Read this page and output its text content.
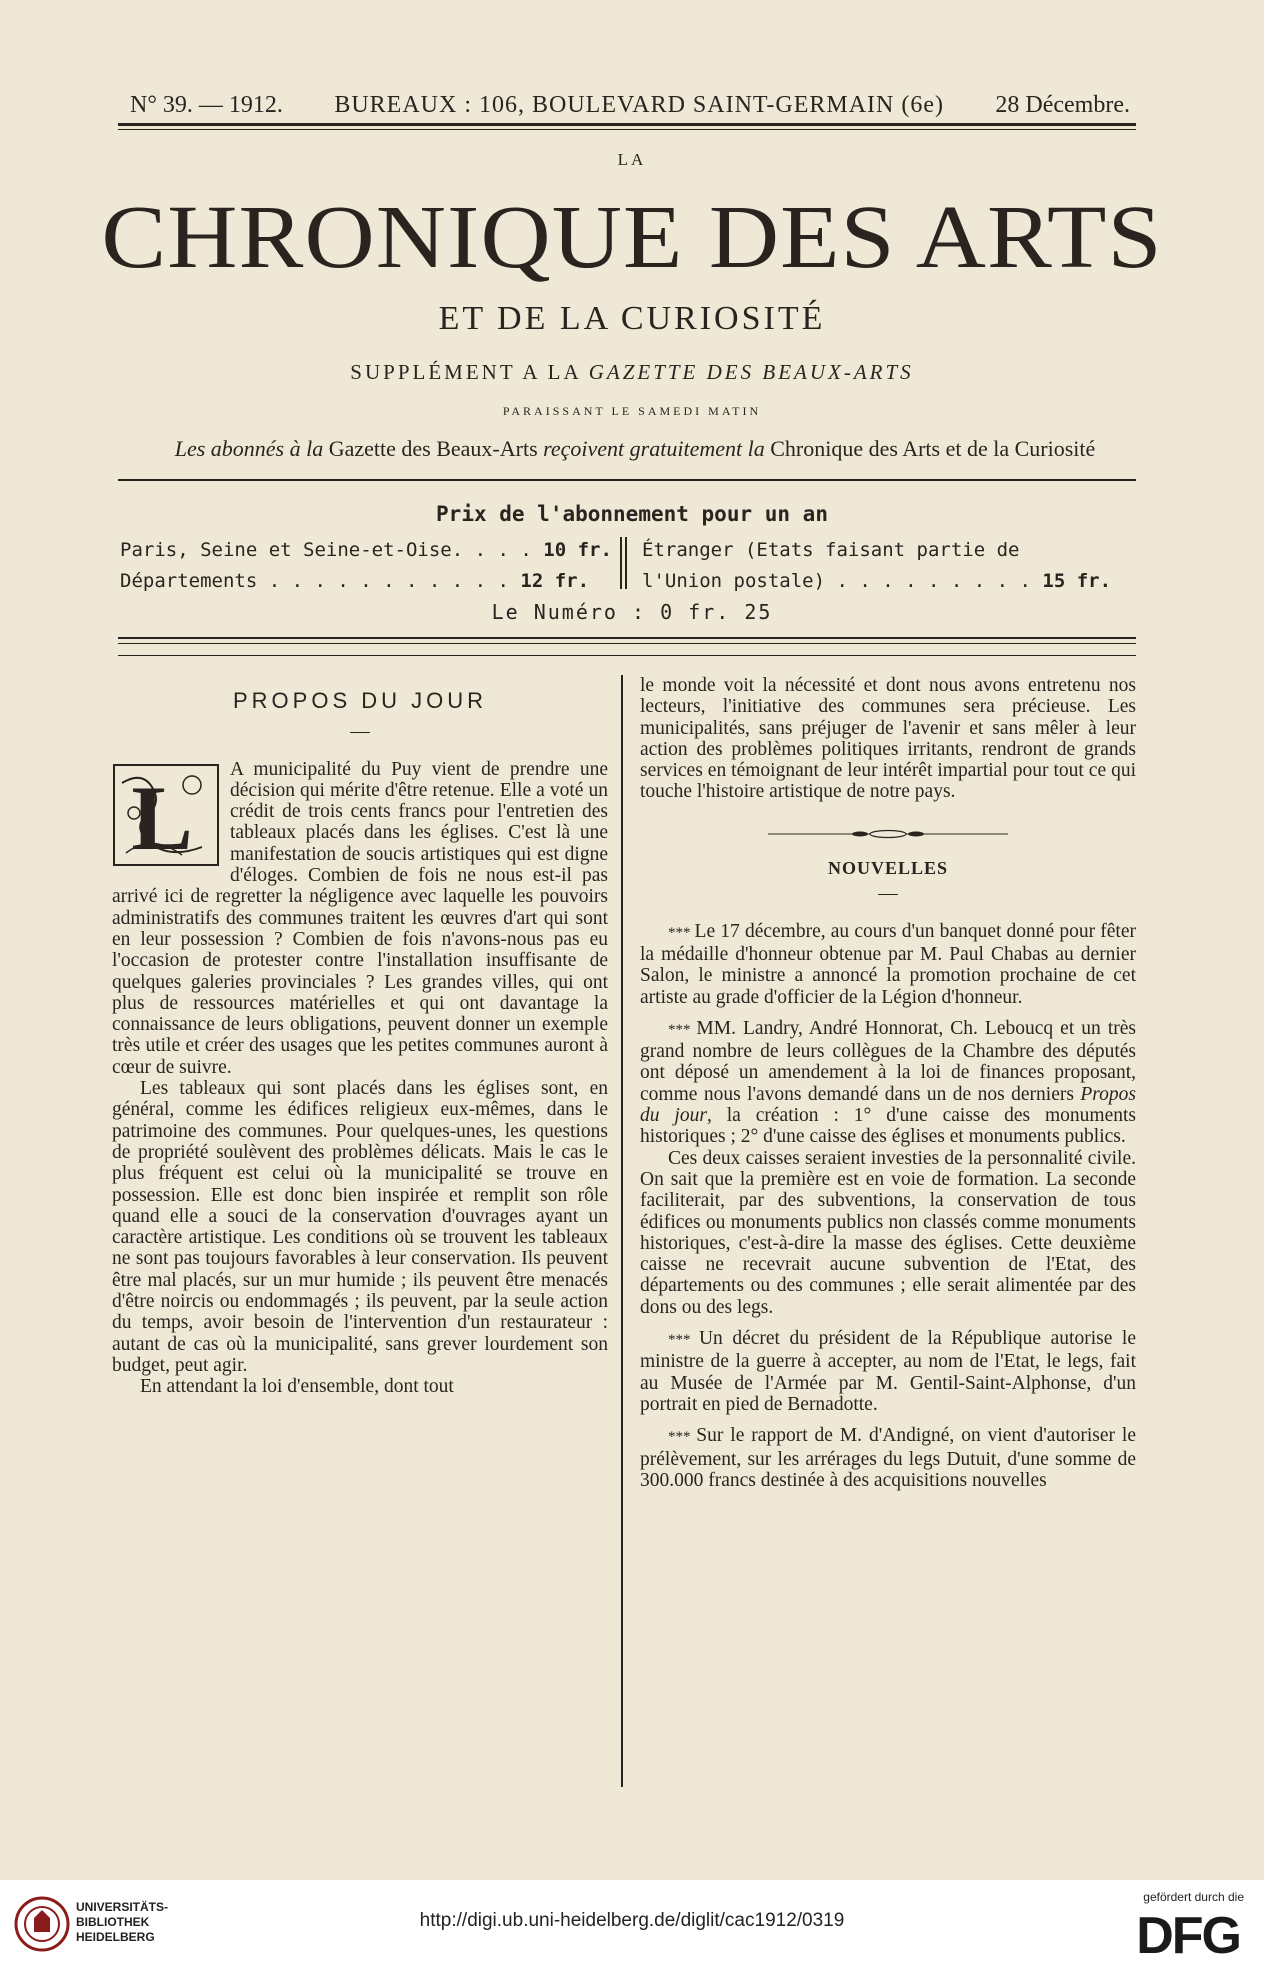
N° 39. — 1912. BUREAUX : 106, BOULEVARD SAINT-GERMAIN (6e) 28 Décembre.
LA
CHRONIQUE DES ARTS
ET DE LA CURIOSITÉ
SUPPLÉMENT A LA GAZETTE DES BEAUX-ARTS
PARAISSANT LE SAMEDI MATIN
Les abonnés à la Gazette des Beaux-Arts reçoivent gratuitement la Chronique des Arts et de la Curiosité
Prix de l'abonnement pour un an
Paris, Seine et Seine-et-Oise. . . . 10 fr.
Départements . . . . . . . . . . . 12 fr.
Étranger (Etats faisant partie de
l'Union postale) . . . . . . . . . 15 fr.
Le Numéro : 0 fr. 25
PROPOS DU JOUR
—
L	A municipalité du Puy vient de prendre une décision qui mérite d'être retenue. Elle a voté un crédit de trois cents francs pour l'entretien des tableaux placés dans les églises. C'est là une manifestation de soucis artistiques qui est digne d'éloges. Combien de fois ne nous est-il pas arrivé ici de regretter la négligence avec laquelle les pouvoirs administratifs des communes traitent les œuvres d'art qui sont en leur possession ? Combien de fois n'avons-nous pas eu l'occasion de protester contre l'installation insuffisante de quelques galeries provinciales ? Les grandes villes, qui ont plus de ressources matérielles et qui ont davantage la connaissance de leurs obligations, peuvent donner un exemple très utile et créer des usages que les petites communes auront à cœur de suivre.

Les tableaux qui sont placés dans les églises sont, en général, comme les édifices religieux eux-mêmes, dans le patrimoine des communes. Pour quelques-unes, les questions de propriété soulèvent des problèmes délicats. Mais le cas le plus fréquent est celui où la municipalité se trouve en possession. Elle est donc bien inspirée et remplit son rôle quand elle a souci de la conservation d'ouvrages ayant un caractère artistique. Les conditions où se trouvent les tableaux ne sont pas toujours favorables à leur conservation. Ils peuvent être mal placés, sur un mur humide ; ils peuvent être menacés d'être noircis ou endommagés ; ils peuvent, par la seule action du temps, avoir besoin de l'intervention d'un restaurateur : autant de cas où la municipalité, sans grever lourdement son budget, peut agir.

En attendant la loi d'ensemble, dont tout

le monde voit la nécessité et dont nous avons entretenu nos lecteurs, l'initiative des communes sera précieuse. Les municipalités, sans préjuger de l'avenir et sans mêler à leur action des problèmes politiques irritants, rendront de grands services en témoignant de leur intérêt impartial pour tout ce qui touche l'histoire artistique de notre pays.

NOUVELLES
—

*** Le 17 décembre, au cours d'un banquet donné pour fêter la médaille d'honneur obtenue par M. Paul Chabas au dernier Salon, le ministre a annoncé la promotion prochaine de cet artiste au grade d'officier de la Légion d'honneur.

*** MM. Landry, André Honnorat, Ch. Leboucq et un très grand nombre de leurs collègues de la Chambre des députés ont déposé un amendement à la loi de finances proposant, comme nous l'avons demandé dans un de nos derniers Propos du jour, la création : 1° d'une caisse des monuments historiques ; 2° d'une caisse des églises et monuments publics.

Ces deux caisses seraient investies de la personnalité civile. On sait que la première est en voie de formation. La seconde faciliterait, par des subventions, la conservation de tous édifices ou monuments publics non classés comme monuments historiques, c'est-à-dire la masse des églises. Cette deuxième caisse ne recevrait aucune subvention de l'Etat, des départements ou des communes ; elle serait alimentée par des dons ou des legs.

*** Un décret du président de la République autorise le ministre de la guerre à accepter, au nom de l'Etat, le legs, fait au Musée de l'Armée par M. Gentil-Saint-Alphonse, d'un portrait en pied de Bernadotte.

*** Sur le rapport de M. d'Andigné, on vient d'autoriser le prélèvement, sur les arrérages du legs Dutuit, d'une somme de 300.000 francs destinée à des acquisitions nouvelles

UNIVERSITÄTS-
BIBLIOTHEK
HEIDELBERG
http://digi.ub.uni-heidelberg.de/diglit/cac1912/0319
gefördert durch die
DFG
